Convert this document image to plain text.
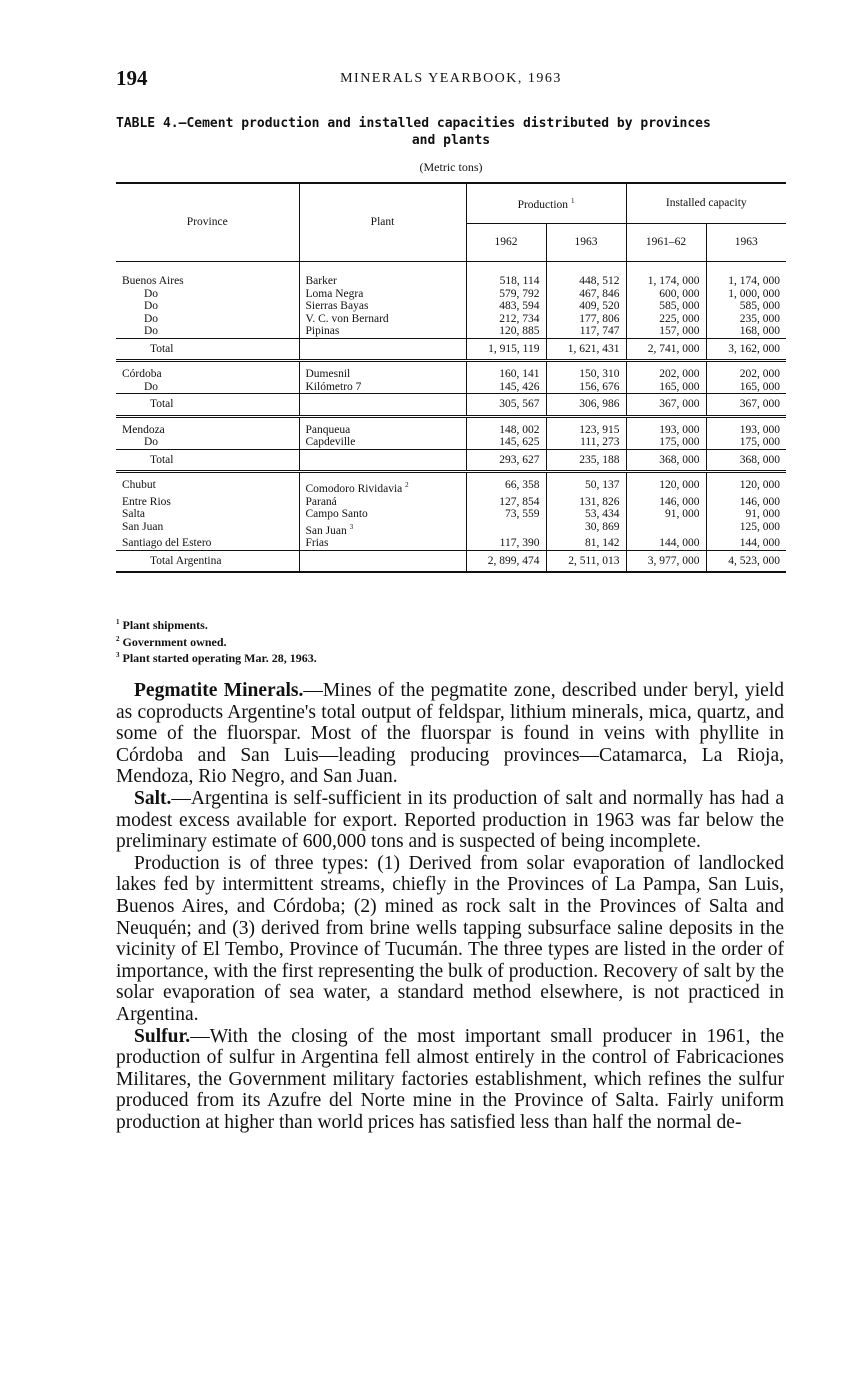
194	MINERALS YEARBOOK, 1963
TABLE 4.—Cement production and installed capacities distributed by provinces
and plants
(Metric tons)
Province	Plant	Production $^1$		Installed capacity	
		1962	1963	1961–62	1963

Buenos Aires	Barker	518, 114	448, 512	1, 174, 000	1, 174, 000
Do	Loma Negra	579, 792	467, 846	600, 000	1, 000, 000
Do	Sierras Bayas	483, 594	409, 520	585, 000	585, 000
Do	V. C. von Bernard	212, 734	177, 806	225, 000	235, 000
Do	Pipinas	120, 885	117, 747	157, 000	168, 000
Total		1, 915, 119	1, 621, 431	2, 741, 000	3, 162, 000

Córdoba	Dumesnil	160, 141	150, 310	202, 000	202, 000
Do	Kilómetro 7	145, 426	156, 676	165, 000	165, 000
Total		305, 567	306, 986	367, 000	367, 000

Mendoza	Panqueua	148, 002	123, 915	193, 000	193, 000
Do	Capdeville	145, 625	111, 273	175, 000	175, 000
Total		293, 627	235, 188	368, 000	368, 000

Chubut	Comodoro Rividavia $^2$	66, 358	50, 137	120, 000	120, 000
Entre Rios	Paraná	127, 854	131, 826	146, 000	146, 000
Salta	Campo Santo	73, 559	53, 434	91, 000	91, 000
San Juan	San Juan $^3$		30, 869		125, 000
Santiago del Estero	Frias	117, 390	81, 142	144, 000	144, 000
Total Argentina		2, 899, 474	2, 511, 013	3, 977, 000	4, 523, 000
$^1$ Plant shipments.
$^2$ Government owned.
$^3$ Plant started operating Mar. 28, 1963.

Pegmatite Minerals.—Mines of the pegmatite zone, described under beryl, yield as coproducts Argentine's total output of feldspar, lithium minerals, mica, quartz, and some of the fluorspar. Most of the fluorspar is found in veins with phyllite in Córdoba and San Luis—leading producing provinces—Catamarca, La Rioja, Mendoza, Rio Negro, and San Juan.

Salt.—Argentina is self-sufficient in its production of salt and normally has had a modest excess available for export. Reported production in 1963 was far below the preliminary estimate of 600,000 tons and is suspected of being incomplete.

Production is of three types: (1) Derived from solar evaporation of landlocked lakes fed by intermittent streams, chiefly in the Provinces of La Pampa, San Luis, Buenos Aires, and Córdoba; (2) mined as rock salt in the Provinces of Salta and Neuquén; and (3) derived from brine wells tapping subsurface saline deposits in the vicinity of El Tembo, Province of Tucumán. The three types are listed in the order of importance, with the first representing the bulk of production. Recovery of salt by the solar evaporation of sea water, a standard method elsewhere, is not practiced in Argentina.

Sulfur.—With the closing of the most important small producer in 1961, the production of sulfur in Argentina fell almost entirely in the control of Fabricaciones Militares, the Government military factories establishment, which refines the sulfur produced from its Azufre del Norte mine in the Province of Salta. Fairly uniform production at higher than world prices has satisfied less than half the normal de-
